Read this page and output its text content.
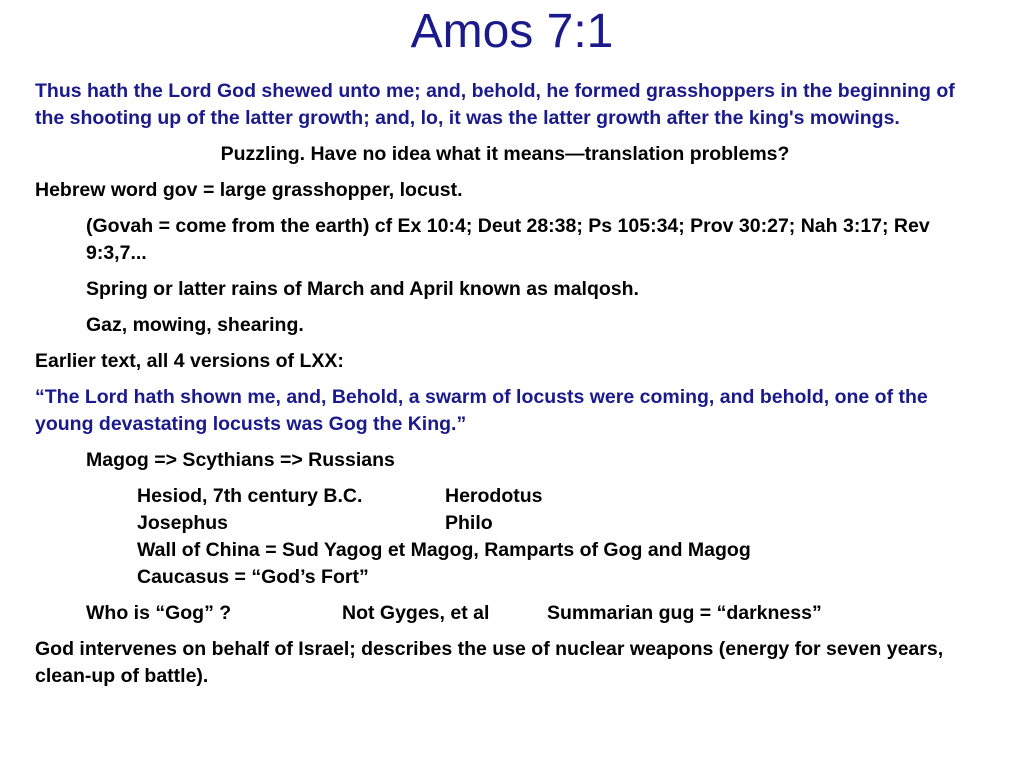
Amos 7:1
Thus hath the Lord God shewed unto me; and, behold, he formed grasshoppers in the beginning of the shooting up of the latter growth; and, lo, it was the latter growth after the king's mowings.
Puzzling. Have no idea what it means—translation problems?
Hebrew word gov = large grasshopper, locust.
(Govah = come from the earth) cf Ex 10:4; Deut 28:38; Ps 105:34; Prov 30:27; Nah 3:17; Rev 9:3,7...
Spring or latter rains of March and April known as malqosh.
Gaz, mowing, shearing.
Earlier text, all 4 versions of LXX:
“The Lord hath shown me, and, Behold, a swarm of locusts were coming, and behold, one of the young devastating locusts was Gog the King.”
Magog => Scythians => Russians
Hesiod, 7th century B.C.	Herodotus
Josephus	Philo
Wall of China = Sud Yagog et Magog, Ramparts of Gog and Magog
Caucasus = “God’s Fort”
Who is “Gog” ?	Not Gyges, et al	Summarian gug = “darkness”
God intervenes on behalf of Israel; describes the use of nuclear weapons (energy for seven years, clean-up of battle).
